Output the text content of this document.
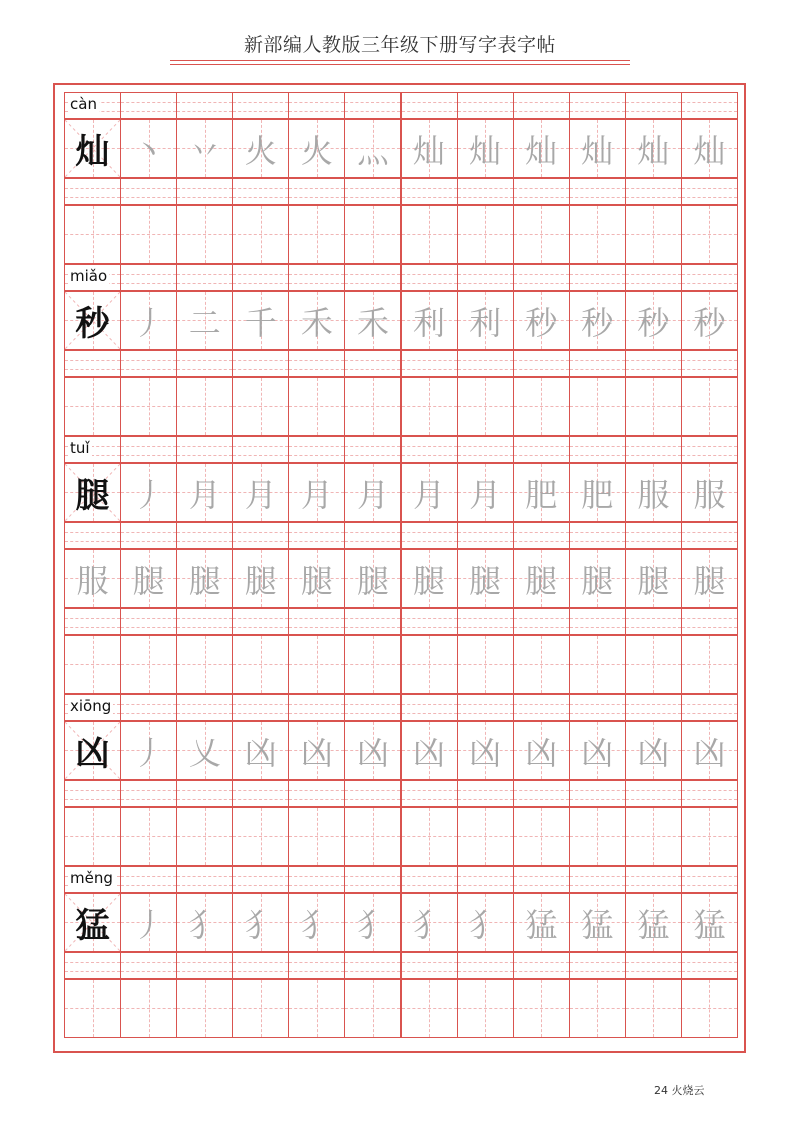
新部编人教版三年级下册写字表字帖
càn
灿 丶 丷 火 火 灬 灿 灿 灿 灿 灿 灿
miǎo
秒 丿 二 千 禾 禾 利 利 秒 秒 秒 秒
tuǐ
腿 丿 月 月 月 月 月 月 肥 肥 服 服
服 腿 腿 腿 腿 腿 腿 腿 腿 腿 腿 腿
xiōng
凶 丿 乂 凶 凶 凶 凶 凶 凶 凶 凶 凶
měng
猛 丿 犭 犭 犭 犭 犭 犭 猛 猛 猛 猛
24 火烧云
